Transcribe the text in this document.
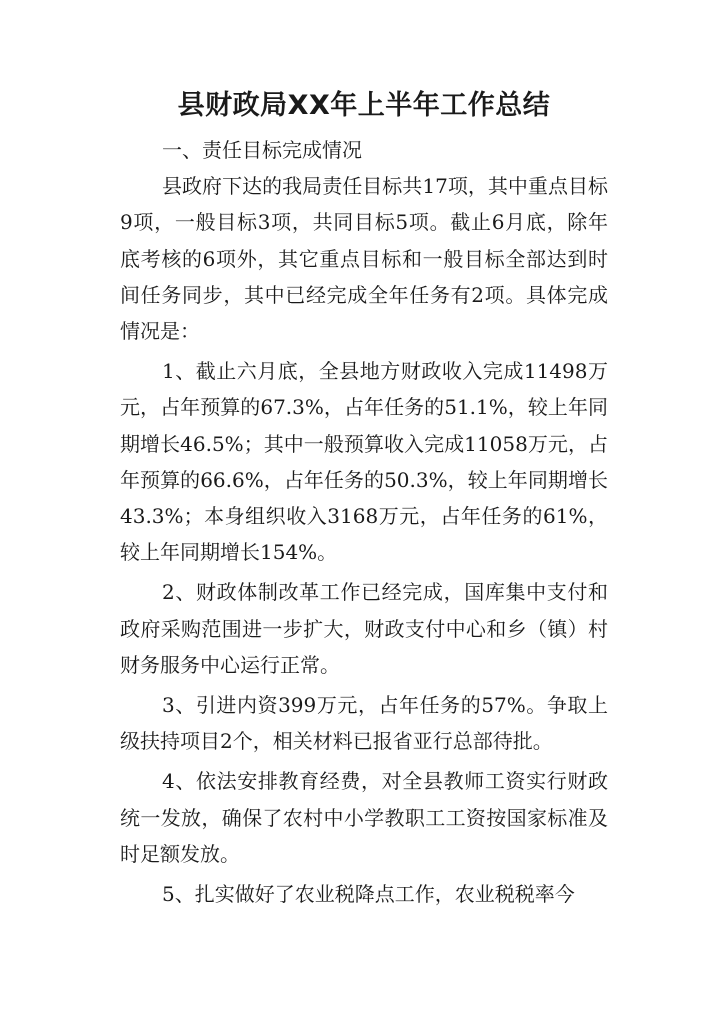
县财政局XX年上半年工作总结

一、责任目标完成情况

县政府下达的我局责任目标共17项，其中重点目标9项，一般目标3项，共同目标5项。截止6月底，除年底考核的6项外，其它重点目标和一般目标全部达到时间任务同步，其中已经完成全年任务有2项。具体完成情况是：

1、截止六月底，全县地方财政收入完成11498万元，占年预算的67.3%，占年任务的51.1%，较上年同期增长46.5%；其中一般预算收入完成11058万元，占年预算的66.6%，占年任务的50.3%，较上年同期增长43.3%；本身组织收入3168万元，占年任务的61%，较上年同期增长154%。

2、财政体制改革工作已经完成，国库集中支付和政府采购范围进一步扩大，财政支付中心和乡（镇）村财务服务中心运行正常。

3、引进内资399万元，占年任务的57%。争取上级扶持项目2个，相关材料已报省亚行总部待批。

4、依法安排教育经费，对全县教师工资实行财政统一发放，确保了农村中小学教职工工资按国家标准及时足额发放。

5、扎实做好了农业税降点工作，农业税税率今
